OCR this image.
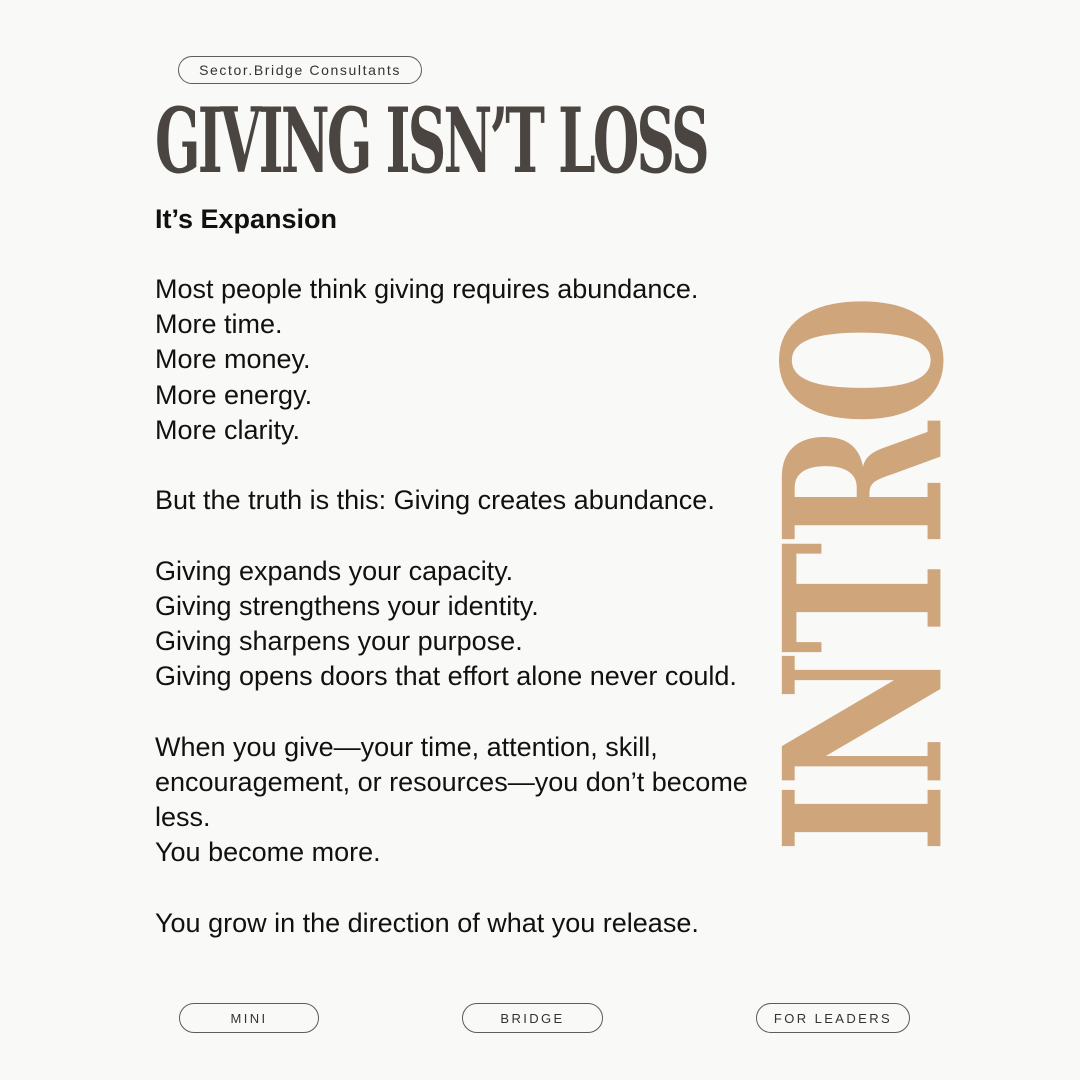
Sector.Bridge Consultants
GIVING ISN’T LOSS
It’s Expansion

Most people think giving requires abundance.

More time.

More money.

More energy.

More clarity.

But the truth is this: Giving creates abundance.

Giving expands your capacity.

Giving strengthens your identity.

Giving sharpens your purpose.

Giving opens doors that effort alone never could.

When you give—your time, attention, skill, encouragement, or resources—you don’t become less.

You become more.

You grow in the direction of what you release.

INTRO
MINI	BRIDGE	FOR LEADERS
